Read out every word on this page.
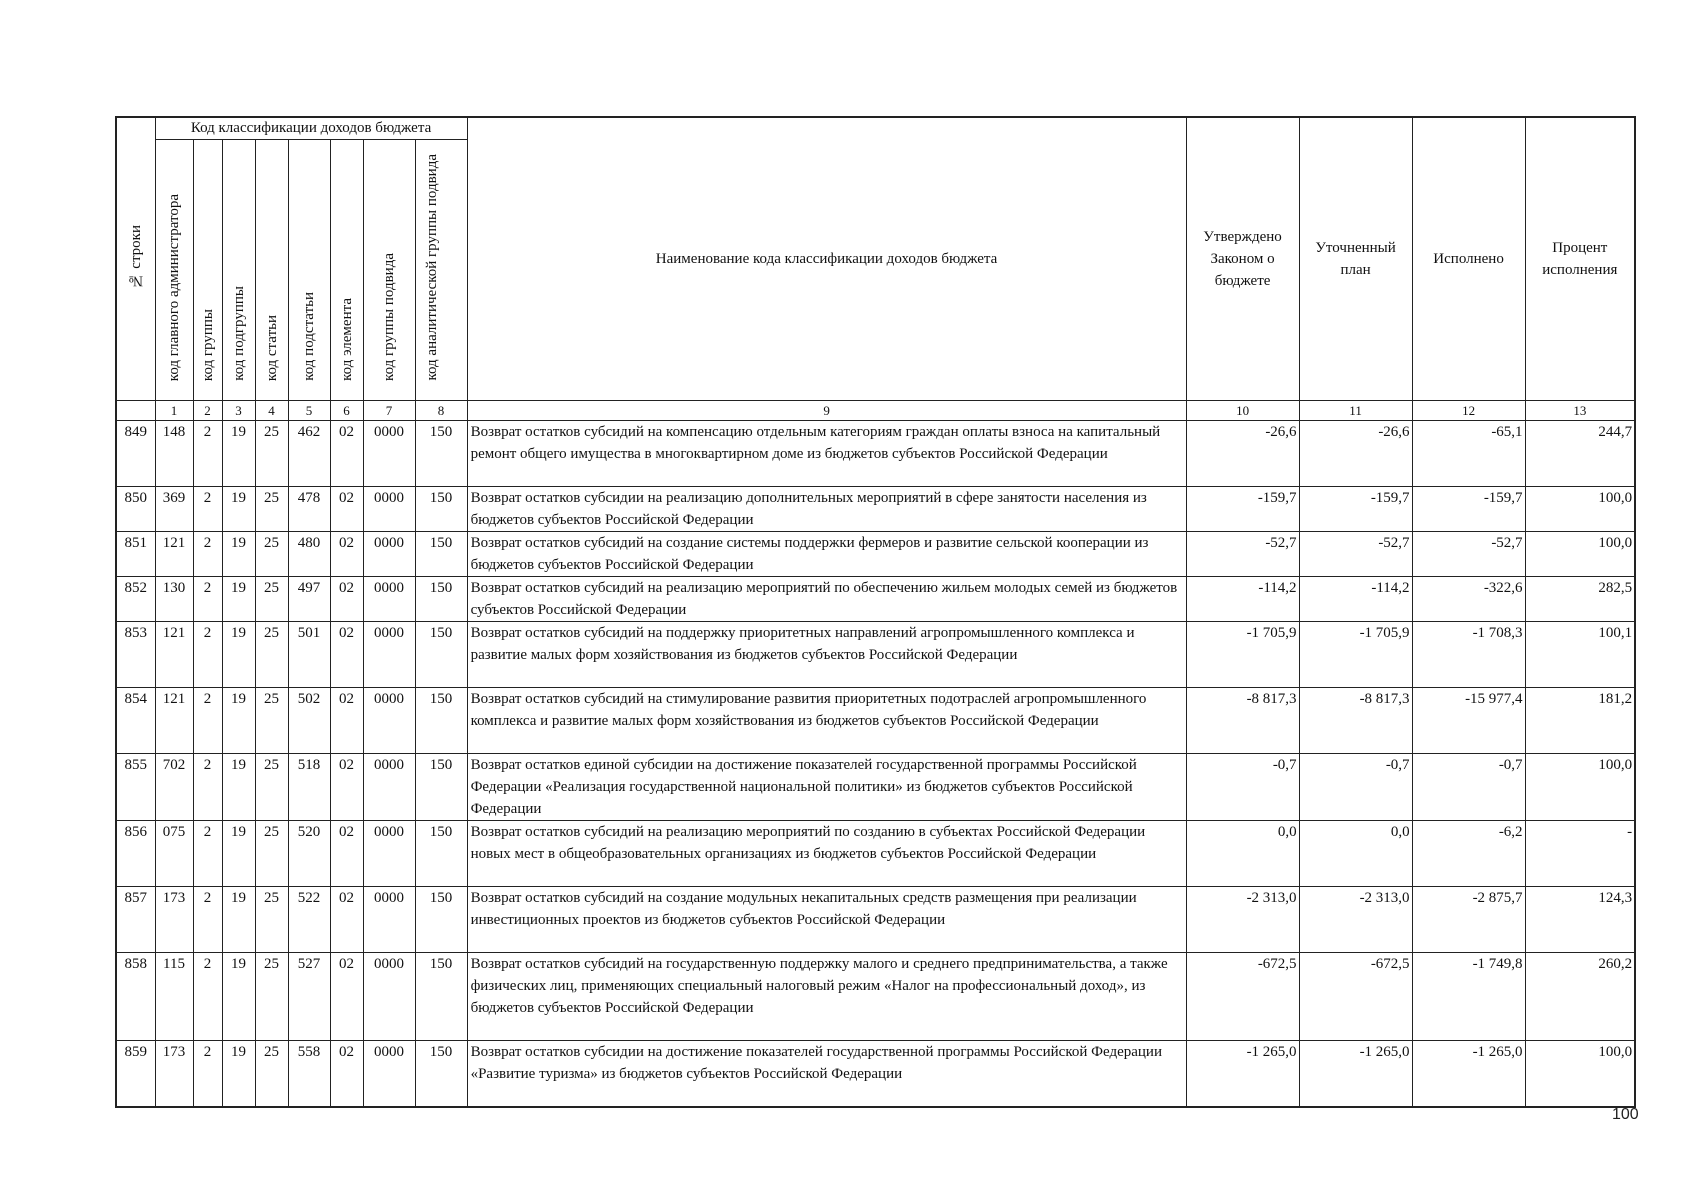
№ строки	Код классификации доходов бюджета								Наименование кода классификации доходов бюджета	Утверждено Законом о бюджете	Уточненный план	Исполнено	Процент исполнения
	код главного администратора	код группы	код подгруппы	код статьи	код подстатьи	код элемента	код группы подвида	код аналитической группы подвида					
	1	2	3	4	5	6	7	8	9	10	11	12	13
849	148	2	19	25	462	02	0000	150	Возврат остатков субсидий на компенсацию отдельным категориям граждан оплаты взноса на капитальный ремонт общего имущества в многоквартирном доме из бюджетов субъектов Российской Федерации	-26,6	-26,6	-65,1	244,7
850	369	2	19	25	478	02	0000	150	Возврат остатков субсидии на реализацию дополнительных мероприятий в сфере занятости населения из бюджетов субъектов Российской Федерации	-159,7	-159,7	-159,7	100,0
851	121	2	19	25	480	02	0000	150	Возврат остатков субсидий на создание системы поддержки фермеров и развитие сельской кооперации из бюджетов субъектов Российской Федерации	-52,7	-52,7	-52,7	100,0
852	130	2	19	25	497	02	0000	150	Возврат остатков субсидий на реализацию мероприятий по обеспечению жильем молодых семей из бюджетов субъектов Российской Федерации	-114,2	-114,2	-322,6	282,5
853	121	2	19	25	501	02	0000	150	Возврат остатков субсидий на поддержку приоритетных направлений агропромышленного комплекса и развитие малых форм хозяйствования из бюджетов субъектов Российской Федерации	-1 705,9	-1 705,9	-1 708,3	100,1
854	121	2	19	25	502	02	0000	150	Возврат остатков субсидий на стимулирование развития приоритетных подотраслей агропромышленного комплекса и развитие малых форм хозяйствования из бюджетов субъектов Российской Федерации	-8 817,3	-8 817,3	-15 977,4	181,2
855	702	2	19	25	518	02	0000	150	Возврат остатков единой субсидии на достижение показателей государственной программы Российской Федерации «Реализация государственной национальной политики» из бюджетов субъектов Российской Федерации	-0,7	-0,7	-0,7	100,0
856	075	2	19	25	520	02	0000	150	Возврат остатков субсидий на реализацию мероприятий по созданию в субъектах Российской Федерации новых мест в общеобразовательных организациях из бюджетов субъектов Российской Федерации	0,0	0,0	-6,2	-
857	173	2	19	25	522	02	0000	150	Возврат остатков субсидий на создание модульных некапитальных средств размещения при реализации инвестиционных проектов из бюджетов субъектов Российской Федерации	-2 313,0	-2 313,0	-2 875,7	124,3
858	115	2	19	25	527	02	0000	150	Возврат остатков субсидий на государственную поддержку малого и среднего предпринимательства, а также физических лиц, применяющих специальный налоговый режим «Налог на профессиональный доход», из бюджетов субъектов Российской Федерации	-672,5	-672,5	-1 749,8	260,2
859	173	2	19	25	558	02	0000	150	Возврат остатков субсидии на достижение показателей государственной программы Российской Федерации «Развитие туризма» из бюджетов субъектов Российской Федерации	-1 265,0	-1 265,0	-1 265,0	100,0
100
